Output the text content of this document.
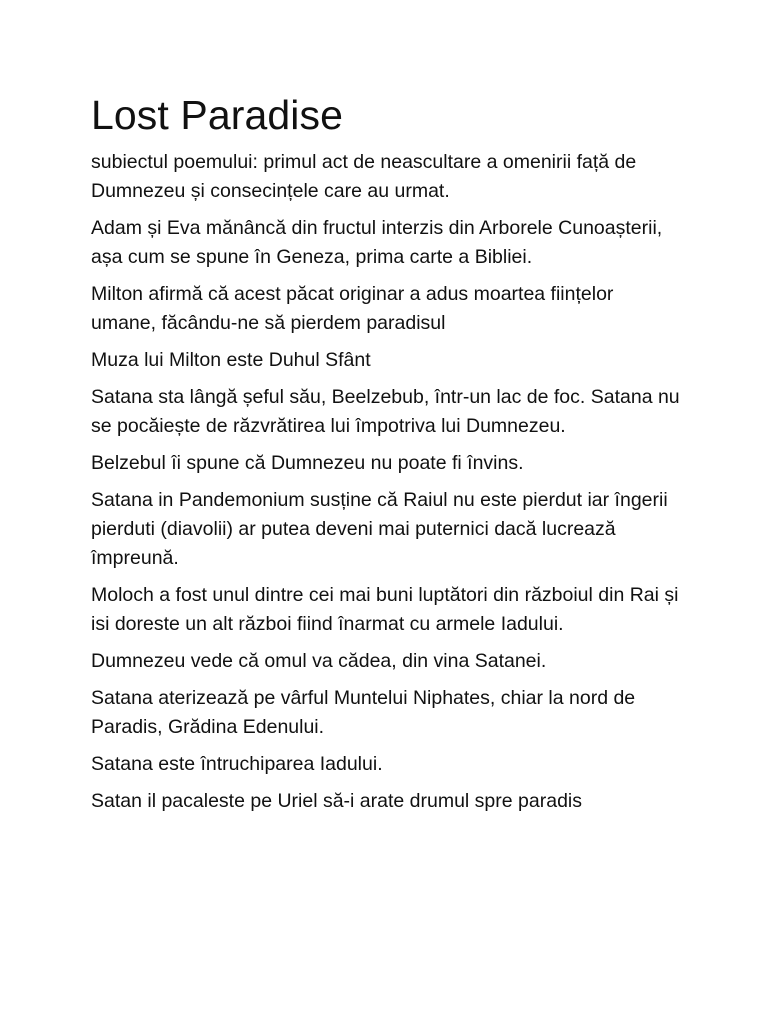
Lost Paradise

subiectul poemului: primul act de neascultare a omenirii față de Dumnezeu și consecințele care au urmat.

Adam și Eva mănâncă din fructul interzis din Arborele Cunoașterii, așa cum se spune în Geneza, prima carte a Bibliei.

Milton afirmă că acest păcat originar a adus moartea ființelor umane, făcându-ne să pierdem paradisul

Muza lui Milton este Duhul Sfânt

Satana sta lângă șeful său, Beelzebub, într-un lac de foc. Satana nu se pocăiește de răzvrătirea lui împotriva lui Dumnezeu.

Belzebul îi spune că Dumnezeu nu poate fi învins.

Satana in Pandemonium susține că Raiul nu este pierdut iar îngerii pierduti (diavolii) ar putea deveni mai puternici dacă lucrează împreună.

Moloch a fost unul dintre cei mai buni luptători din războiul din Rai și isi doreste un alt război fiind înarmat cu armele Iadului.

Dumnezeu vede că omul va cădea, din vina Satanei.

Satana aterizează pe vârful Muntelui Niphates, chiar la nord de Paradis, Grădina Edenului.

Satana este întruchiparea Iadului.

Satan il pacaleste pe Uriel să-i arate drumul spre paradis
